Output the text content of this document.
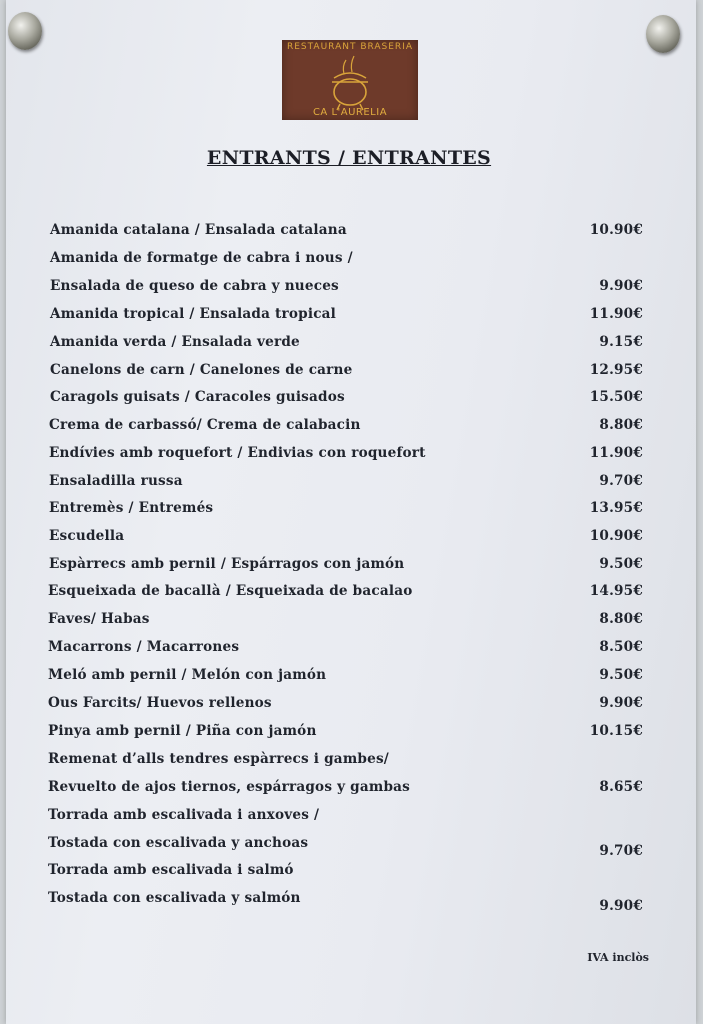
RESTAURANT BRASERIA
CA L'AURELIA
ENTRANTS / ENTRANTES
Amanida catalana / Ensalada catalana	10.90€
Amanida de formatge de cabra i nous /
Ensalada de queso de cabra y nueces	9.90€
Amanida tropical / Ensalada tropical	11.90€
Amanida verda / Ensalada verde	9.15€
Canelons de carn / Canelones de carne	12.95€
Caragols guisats / Caracoles guisados	15.50€
Crema de carbassó/ Crema de calabacin	8.80€
Endívies amb roquefort / Endivias con roquefort	11.90€
Ensaladilla russa	9.70€
Entremès / Entremés	13.95€
Escudella	10.90€
Espàrrecs amb pernil / Espárragos con jamón	9.50€
Esqueixada de bacallà / Esqueixada de bacalao	14.95€
Faves/ Habas	8.80€
Macarrons / Macarrones	8.50€
Meló amb pernil / Melón con jamón	9.50€
Ous Farcits/ Huevos rellenos	9.90€
Pinya amb pernil / Piña con jamón	10.15€
Remenat d’alls tendres espàrrecs i gambes/
Revuelto de ajos tiernos, espárragos y gambas	8.65€
Torrada amb escalivada i anxoves /
Tostada con escalivada y anchoas	9.70€
Torrada amb escalivada i salmó
Tostada con escalivada y salmón	9.90€
IVA inclòs
